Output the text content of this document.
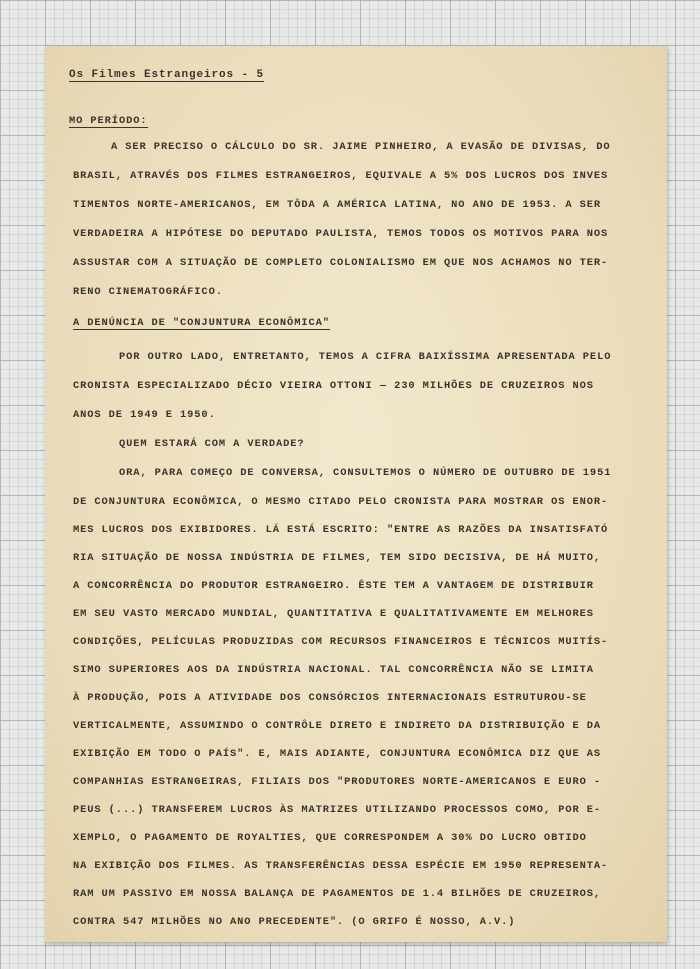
Os Filmes Estrangeiros - 5

MO PERÍODO:

A SER PRECISO O CÁLCULO DO SR. JAIME PINHEIRO, A EVASÃO DE DIVISAS, DO

BRASIL, ATRAVÉS DOS FILMES ESTRANGEIROS, EQUIVALE A 5% DOS LUCROS DOS INVES

TIMENTOS NORTE-AMERICANOS, EM TÔDA A AMÉRICA LATINA, NO ANO DE 1953. A SER

VERDADEIRA A HIPÓTESE DO DEPUTADO PAULISTA, TEMOS TODOS OS MOTIVOS PARA NOS

ASSUSTAR COM A SITUAÇÃO DE COMPLETO COLONIALISMO EM QUE NOS ACHAMOS NO TER-

RENO CINEMATOGRÁFICO.

A DENÚNCIA DE "CONJUNTURA ECONÔMICA"

POR OUTRO LADO, ENTRETANTO, TEMOS A CIFRA BAIXÍSSIMA APRESENTADA PELO

CRONISTA ESPECIALIZADO DÉCIO VIEIRA OTTONI — 230 MILHÕES DE CRUZEIROS NOS

ANOS DE 1949 E 1950.

QUEM ESTARÁ COM A VERDADE?

ORA, PARA COMEÇO DE CONVERSA, CONSULTEMOS O NÚMERO DE OUTUBRO DE 1951

DE CONJUNTURA ECONÔMICA, O MESMO CITADO PELO CRONISTA PARA MOSTRAR OS ENOR-

MES LUCROS DOS EXIBIDORES. LÁ ESTÁ ESCRITO: "ENTRE AS RAZÕES DA INSATISFATÓ

RIA SITUAÇÃO DE NOSSA INDÚSTRIA DE FILMES, TEM SIDO DECISIVA, DE HÁ MUITO,

A CONCORRÊNCIA DO PRODUTOR ESTRANGEIRO. ÊSTE TEM A VANTAGEM DE DISTRIBUIR

EM SEU VASTO MERCADO MUNDIAL, QUANTITATIVA E QUALITATIVAMENTE EM MELHORES

CONDIÇÕES, PELÍCULAS PRODUZIDAS COM RECURSOS FINANCEIROS E TÉCNICOS MUITÍS-

SIMO SUPERIORES AOS DA INDÚSTRIA NACIONAL. TAL CONCORRÊNCIA NÃO SE LIMITA

À PRODUÇÃO, POIS A ATIVIDADE DOS CONSÓRCIOS INTERNACIONAIS ESTRUTUROU-SE

VERTICALMENTE, ASSUMINDO O CONTRÔLE DIRETO E INDIRETO DA DISTRIBUIÇÃO E DA

EXIBIÇÃO EM TODO O PAÍS". E, MAIS ADIANTE, CONJUNTURA ECONÔMICA DIZ QUE AS

COMPANHIAS ESTRANGEIRAS, FILIAIS DOS "PRODUTORES NORTE-AMERICANOS E EURO -

PEUS (...) TRANSFEREM LUCROS ÀS MATRIZES UTILIZANDO PROCESSOS COMO, POR E-

XEMPLO, O PAGAMENTO DE ROYALTIES, QUE CORRESPONDEM A 30% DO LUCRO OBTIDO

NA EXIBIÇÃO DOS FILMES. AS TRANSFERÊNCIAS DESSA ESPÉCIE EM 1950 REPRESENTA-

RAM UM PASSIVO EM NOSSA BALANÇA DE PAGAMENTOS DE 1.4 BILHÕES DE CRUZEIROS,

CONTRA 547 MILHÕES NO ANO PRECEDENTE". (O GRIFO É NOSSO, A.V.)
